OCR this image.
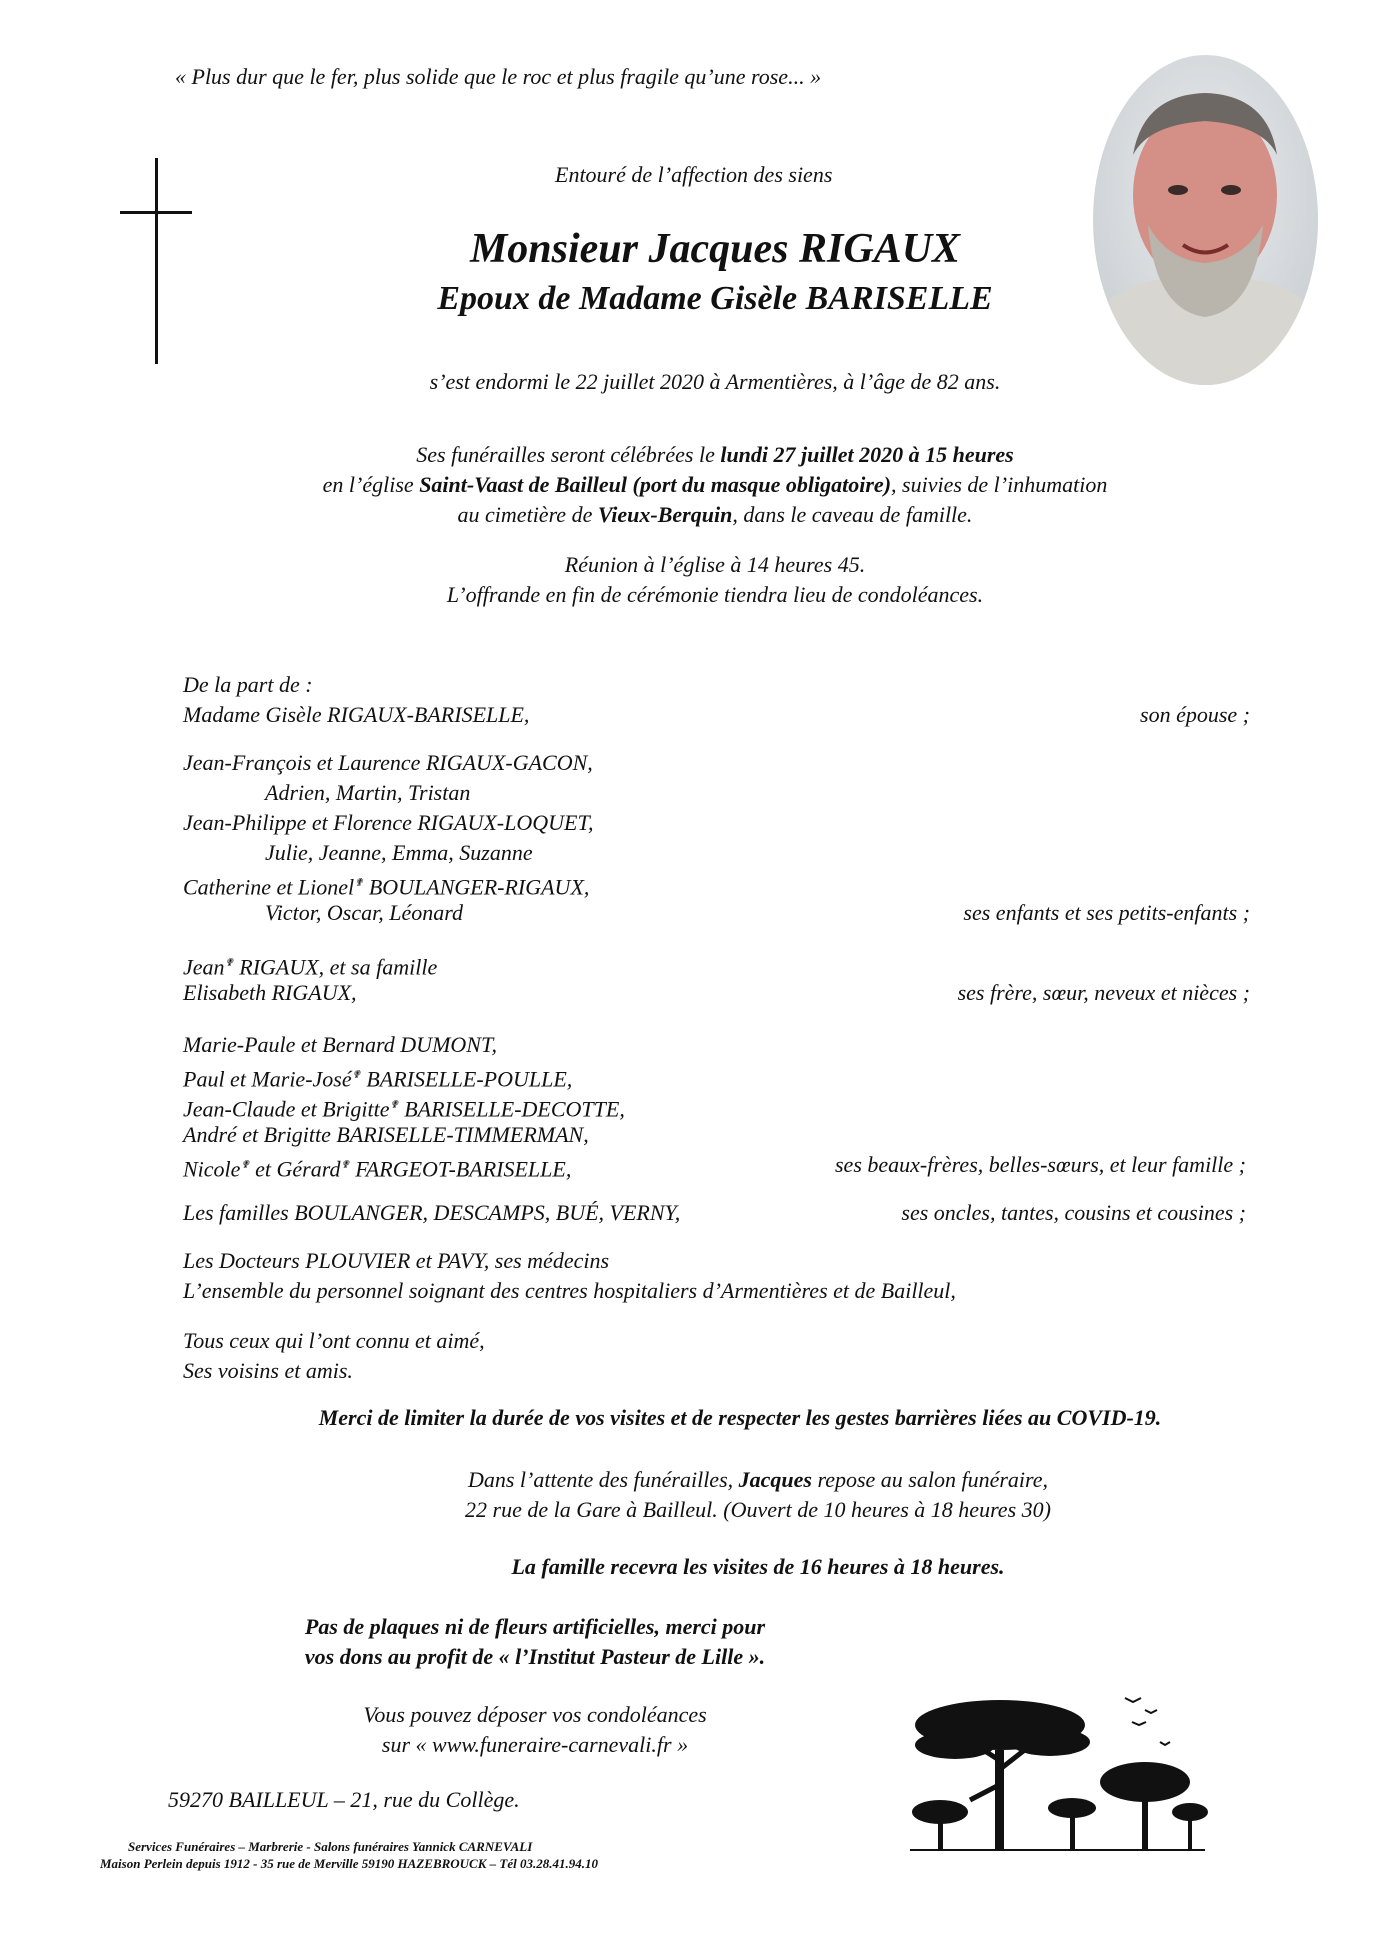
« Plus dur que le fer, plus solide que le roc et plus fragile qu’une rose... »
Entouré de l’affection des siens
Monsieur Jacques RIGAUX
Epoux de Madame Gisèle BARISELLE
s’est endormi le 22 juillet 2020 à Armentières, à l’âge de 82 ans.
Ses funérailles seront célébrées le lundi 27 juillet 2020 à 15 heures
en l’église Saint-Vaast de Bailleul (port du masque obligatoire), suivies de l’inhumation
au cimetière de Vieux-Berquin, dans le caveau de famille.
Réunion à l’église à 14 heures 45.
L’offrande en fin de cérémonie tiendra lieu de condoléances.
De la part de :
Madame Gisèle RIGAUX-BARISELLE,	son épouse ;
Jean-François et Laurence RIGAUX-GACON,
Adrien, Martin, Tristan
Jean-Philippe et Florence RIGAUX-LOQUET,
Julie, Jeanne, Emma, Suzanne
Catherine et Lionel✟ BOULANGER-RIGAUX,
Victor, Oscar, Léonard	ses enfants et ses petits-enfants ;
Jean✟ RIGAUX, et sa famille
Elisabeth RIGAUX,	ses frère, sœur, neveux et nièces ;
Marie-Paule et Bernard DUMONT,
Paul et Marie-José✟ BARISELLE-POULLE,
Jean-Claude et Brigitte✟ BARISELLE-DECOTTE,
André et Brigitte BARISELLE-TIMMERMAN,
Nicole✟ et Gérard✟ FARGEOT-BARISELLE,	ses beaux-frères, belles-sœurs, et leur famille ;
Les familles BOULANGER, DESCAMPS, BUÉ, VERNY,	ses oncles, tantes, cousins et cousines ;
Les Docteurs PLOUVIER et PAVY, ses médecins
L’ensemble du personnel soignant des centres hospitaliers d’Armentières et de Bailleul,
Tous ceux qui l’ont connu et aimé,
Ses voisins et amis.
Merci de limiter la durée de vos visites et de respecter les gestes barrières liées au COVID-19.
Dans l’attente des funérailles, Jacques repose au salon funéraire,
22 rue de la Gare à Bailleul. (Ouvert de 10 heures à 18 heures 30)
La famille recevra les visites de 16 heures à 18 heures.
Pas de plaques ni de fleurs artificielles, merci pour
vos dons au profit de « l’Institut Pasteur de Lille ».
Vous pouvez déposer vos condoléances
sur « www.funeraire-carnevali.fr »
59270 BAILLEUL – 21, rue du Collège.
Services Funéraires – Marbrerie - Salons funéraires Yannick CARNEVALI
Maison Perlein depuis 1912 - 35 rue de Merville 59190 HAZEBROUCK – Tél 03.28.41.94.10
